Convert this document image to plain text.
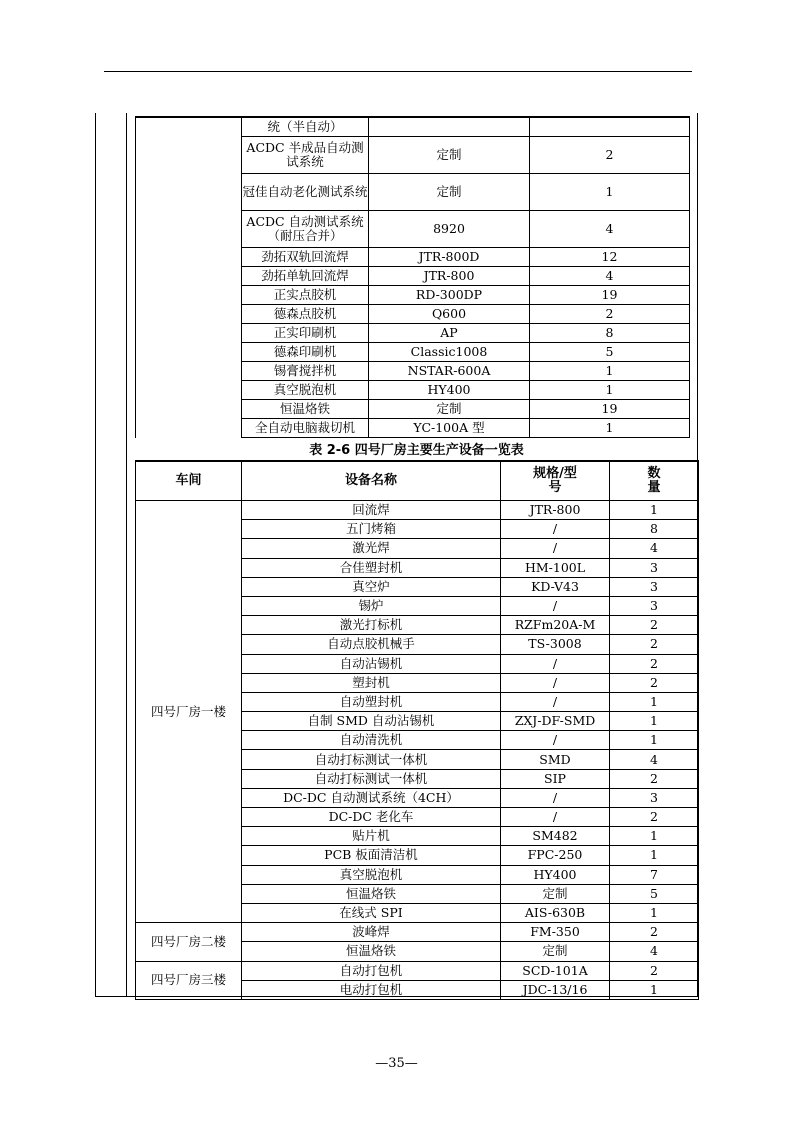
	统（半自动）		
	ACDC 半成品自动测试系统	定制	2
	冠佳自动老化测试系统	定制	1
	ACDC 自动测试系统（耐压合并）	8920	4
	劲拓双轨回流焊	JTR-800D	12
	劲拓单轨回流焊	JTR-800	4
	正实点胶机	RD-300DP	19
	德森点胶机	Q600	2
	正实印刷机	AP	8
	德森印刷机	Classic1008	5
	锡膏搅拌机	NSTAR-600A	1
	真空脱泡机	HY400	1
	恒温烙铁	定制	19
	全自动电脑裁切机	YC-100A 型	1
表 2-6 四号厂房主要生产设备一览表
车间	设备名称	规格/型号	数量
四号厂房一楼	回流焊	JTR-800	1
	五门烤箱	/	8
	激光焊	/	4
	合佳塑封机	HM-100L	3
	真空炉	KD-V43	3
	锡炉	/	3
	激光打标机	RZFm20A-M	2
	自动点胶机械手	TS-3008	2
	自动沾锡机	/	2
	塑封机	/	2
	自动塑封机	/	1
	自制 SMD 自动沾锡机	ZXJ-DF-SMD	1
	自动清洗机	/	1
	自动打标测试一体机	SMD	4
	自动打标测试一体机	SIP	2
	DC-DC 自动测试系统（4CH）	/	3
	DC-DC 老化车	/	2
	贴片机	SM482	1
	PCB 板面清洁机	FPC-250	1
	真空脱泡机	HY400	7
	恒温烙铁	定制	5
	在线式 SPI	AIS-630B	1
四号厂房二楼	波峰焊	FM-350	2
	恒温烙铁	定制	4
四号厂房三楼	自动打包机	SCD-101A	2
	电动打包机	JDC-13/16	1
—35—
